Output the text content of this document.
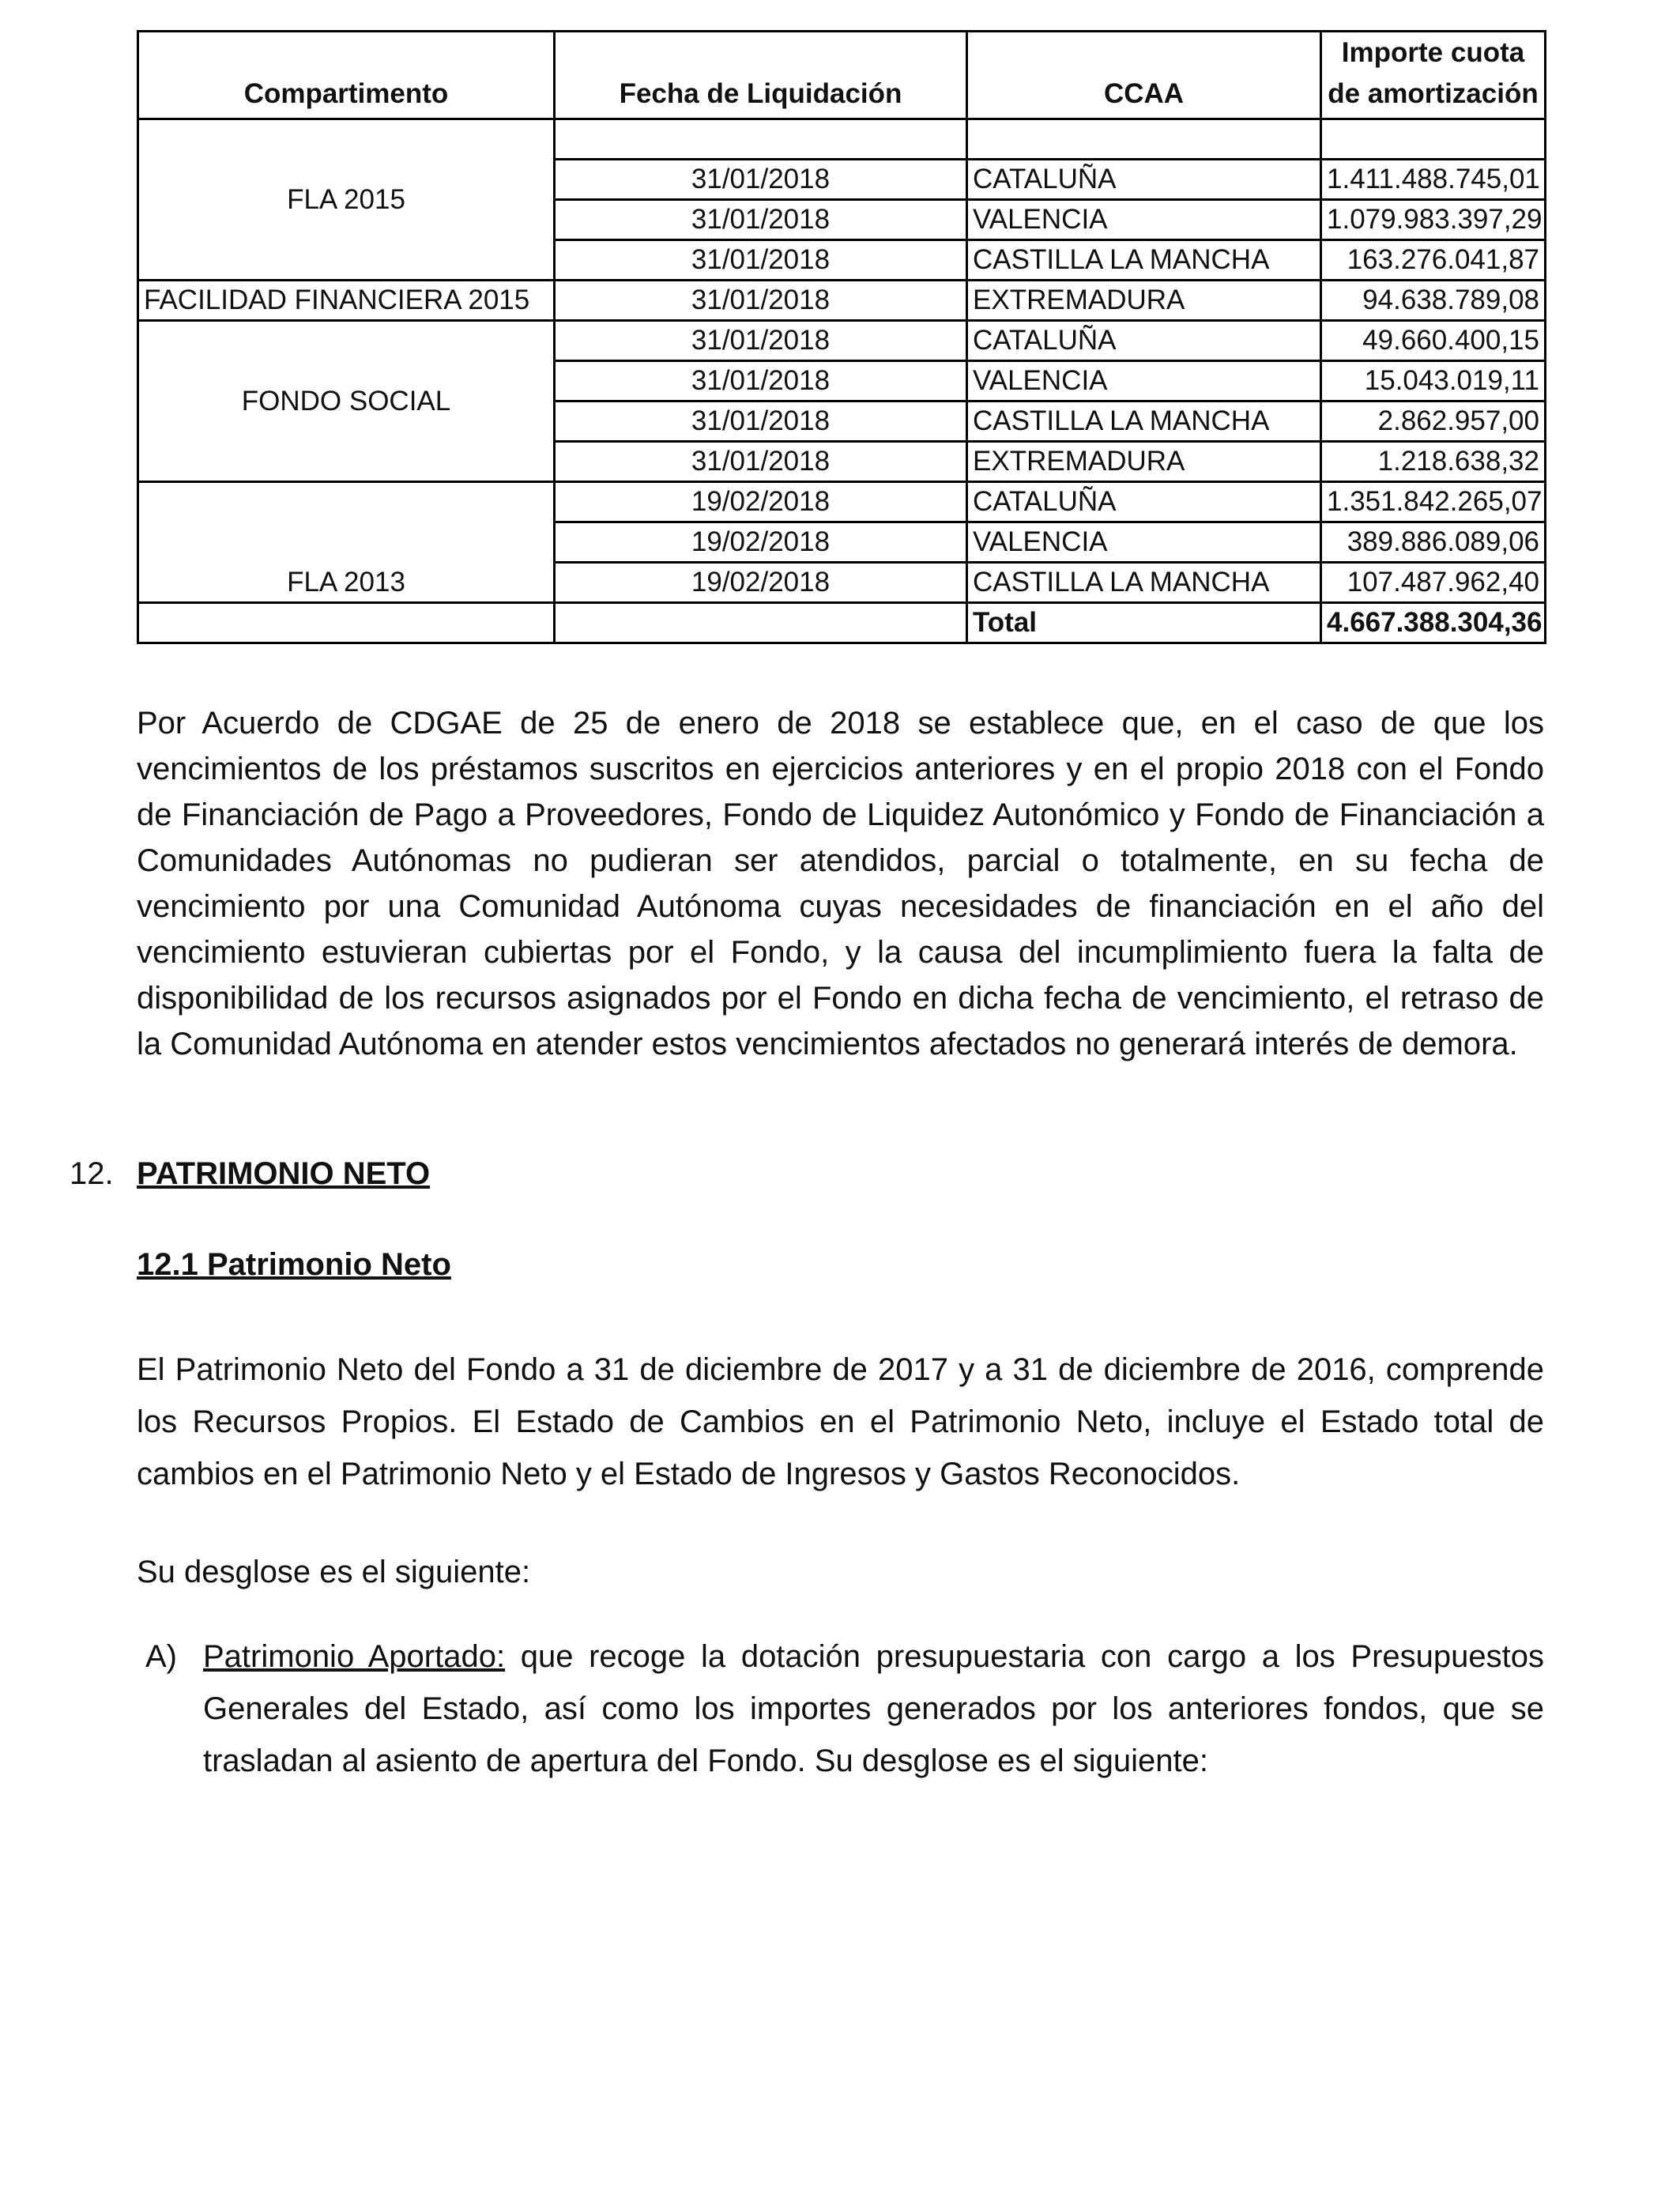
Compartimento	Fecha de Liquidación	CCAA	Importe cuota
de amortización

FLA 2015			
	31/01/2018	CATALUÑA	1.411.488.745,01
	31/01/2018	VALENCIA	1.079.983.397,29
	31/01/2018	CASTILLA LA MANCHA	163.276.041,87
FACILIDAD FINANCIERA 2015	31/01/2018	EXTREMADURA	94.638.789,08
FONDO SOCIAL	31/01/2018	CATALUÑA	49.660.400,15
	31/01/2018	VALENCIA	15.043.019,11
	31/01/2018	CASTILLA LA MANCHA	2.862.957,00
	31/01/2018	EXTREMADURA	1.218.638,32
FLA 2013	19/02/2018	CATALUÑA	1.351.842.265,07
	19/02/2018	VALENCIA	389.886.089,06
	19/02/2018	CASTILLA LA MANCHA	107.487.962,40
		Total	4.667.388.304,36

Por Acuerdo de CDGAE de 25 de enero de 2018 se establece que, en el caso de que los vencimientos de los préstamos suscritos en ejercicios anteriores y en el propio 2018 con el Fondo de Financiación de Pago a Proveedores, Fondo de Liquidez Autonómico y Fondo de Financiación a Comunidades Autónomas no pudieran ser atendidos, parcial o totalmente, en su fecha de vencimiento por una Comunidad Autónoma cuyas necesidades de financiación en el año del vencimiento estuvieran cubiertas por el Fondo, y la causa del incumplimiento fuera la falta de disponibilidad de los recursos asignados por el Fondo en dicha fecha de vencimiento, el retraso de la Comunidad Autónoma en atender estos vencimientos afectados no generará interés de demora.

12. PATRIMONIO NETO
12.1 Patrimonio Neto

El Patrimonio Neto del Fondo a 31 de diciembre de 2017 y a 31 de diciembre de 2016, comprende los Recursos Propios. El Estado de Cambios en el Patrimonio Neto, incluye el Estado total de cambios en el Patrimonio Neto y el Estado de Ingresos y Gastos Reconocidos.

Su desglose es el siguiente:

A) Patrimonio Aportado: que recoge la dotación presupuestaria con cargo a los Presupuestos Generales del Estado, así como los importes generados por los anteriores fondos, que se trasladan al asiento de apertura del Fondo. Su desglose es el siguiente:
